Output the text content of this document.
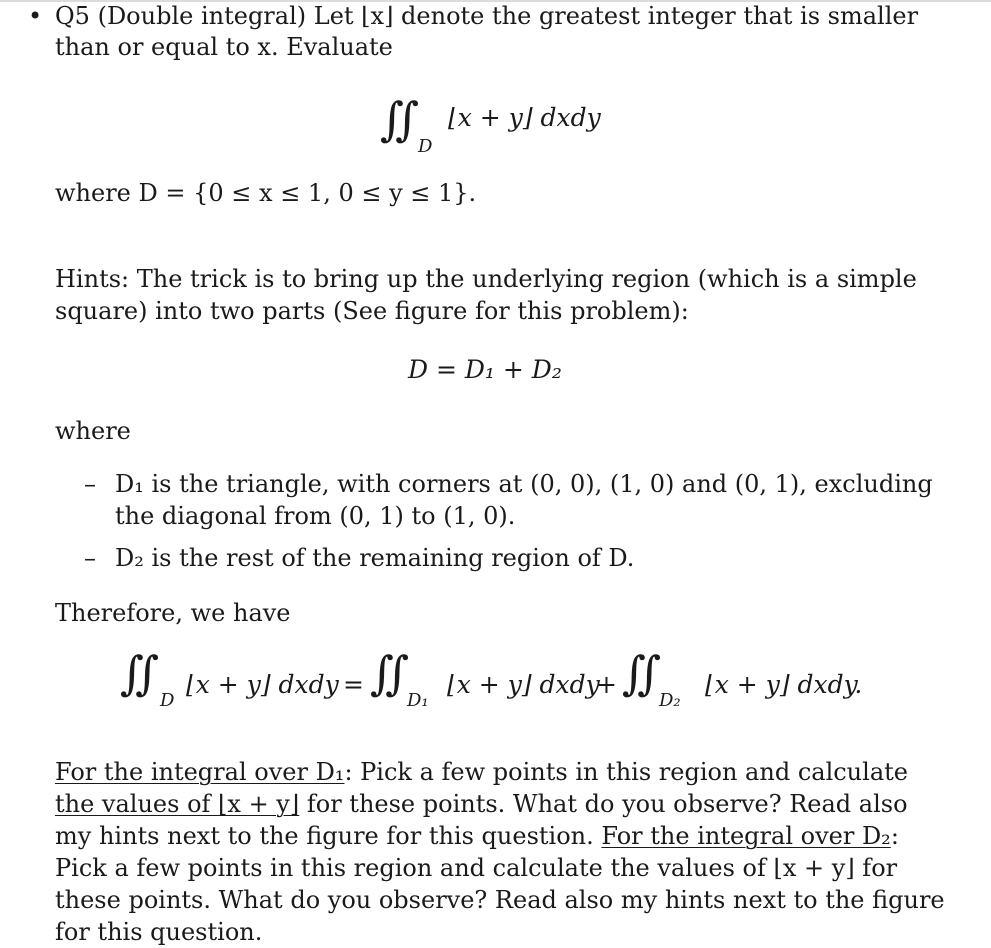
• Q5 (Double integral) Let ⌊x⌋ denote the greatest integer that is smaller
than or equal to x. Evaluate
∬
D
⌊x + y⌋ dxdy
where D = {0 ≤ x ≤ 1, 0 ≤ y ≤ 1}.
Hints: The trick is to bring up the underlying region (which is a simple
square) into two parts (See figure for this problem):
D = D₁ + D₂
where
– D₁ is the triangle, with corners at (0, 0), (1, 0) and (0, 1), excluding
the diagonal from (0, 1) to (1, 0).
– D₂ is the rest of the remaining region of D.
Therefore, we have
∬
D
⌊x + y⌋ dxdy = ∬
D₁
⌊x + y⌋ dxdy
+ ∬
D₂
⌊x + y⌋ dxdy.
For the integral over D₁: Pick a few points in this region and calculate
the values of ⌊x + y⌋ for these points. What do you observe? Read also
my hints next to the figure for this question. For the integral over D₂:
Pick a few points in this region and calculate the values of ⌊x + y⌋ for
these points. What do you observe? Read also my hints next to the figure
for this question.
